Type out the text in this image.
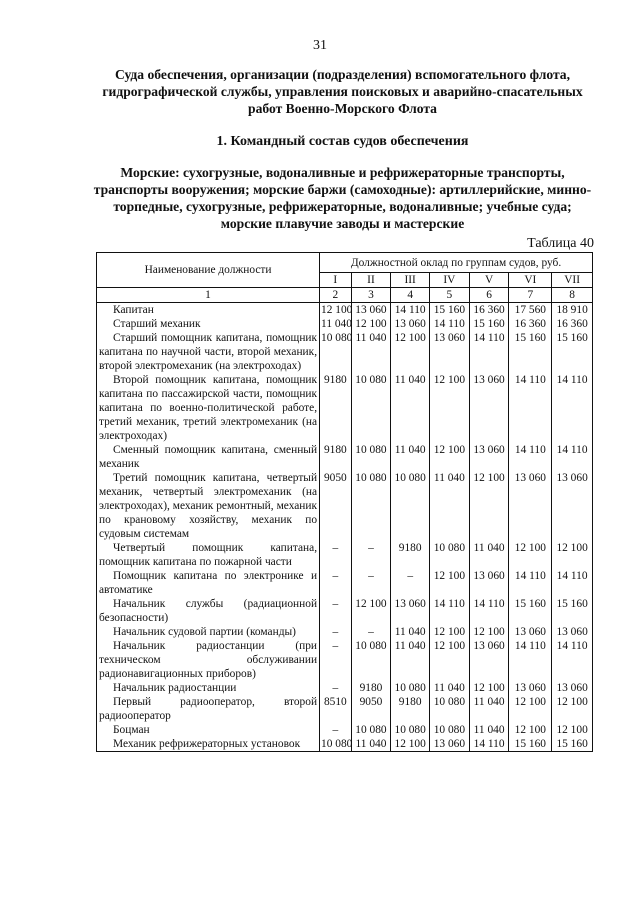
31
Суда обеспечения, организации (подразделения) вспомогательного флота, гидрографической службы, управления поисковых и аварийно-спасательных работ Военно-Морского Флота
1. Командный состав судов обеспечения
Морские: сухогрузные, водоналивные и рефрижераторные транспорты, транспорты вооружения; морские баржи (самоходные): артиллерийские, минно-торпедные, сухогрузные, рефрижераторные, водоналивные; учебные суда; морские плавучие заводы и мастерские
Таблица 40
Наименование должности	Должностной оклад по группам судов, руб.						
	I	II	III	IV	V	VI	VII
1	2	3	4	5	6	7	8

Капитан	12 100	13 060	14 110	15 160	16 360	17 560	18 910

Старший механик	11 040	12 100	13 060	14 110	15 160	16 360	16 360

Старший помощник капитана, помощник капитана по научной части, второй механик, второй электромеханик (на электроходах)	10 080	11 040	12 100	13 060	14 110	15 160	15 160

Второй помощник капитана, помощник капитана по пассажирской части, помощник капитана по военно-политической работе, третий механик, третий электромеханик (на электроходах)	9180	10 080	11 040	12 100	13 060	14 110	14 110

Сменный помощник капитана, сменный механик	9180	10 080	11 040	12 100	13 060	14 110	14 110

Третий помощник капитана, четвертый механик, четвертый электромеханик (на электроходах), механик ремонтный, механик по крановому хозяйству, механик по судовым системам	9050	10 080	10 080	11 040	12 100	13 060	13 060

Четвертый помощник капитана, помощник капитана по пожарной части	–	–	9180	10 080	11 040	12 100	12 100

Помощник капитана по электронике и автоматике	–	–	–	12 100	13 060	14 110	14 110

Начальник службы (радиационной безопасности)	–	12 100	13 060	14 110	14 110	15 160	15 160

Начальник судовой партии (команды)	–	–	11 040	12 100	12 100	13 060	13 060

Начальник радиостанции (при техническом обслуживании радионавигационных приборов)	–	10 080	11 040	12 100	13 060	14 110	14 110

Начальник радиостанции	–	9180	10 080	11 040	12 100	13 060	13 060

Первый радиооператор, второй радиооператор	8510	9050	9180	10 080	11 040	12 100	12 100

Боцман	–	10 080	10 080	10 080	11 040	12 100	12 100

Механик рефрижераторных установок	10 080	11 040	12 100	13 060	14 110	15 160	15 160
